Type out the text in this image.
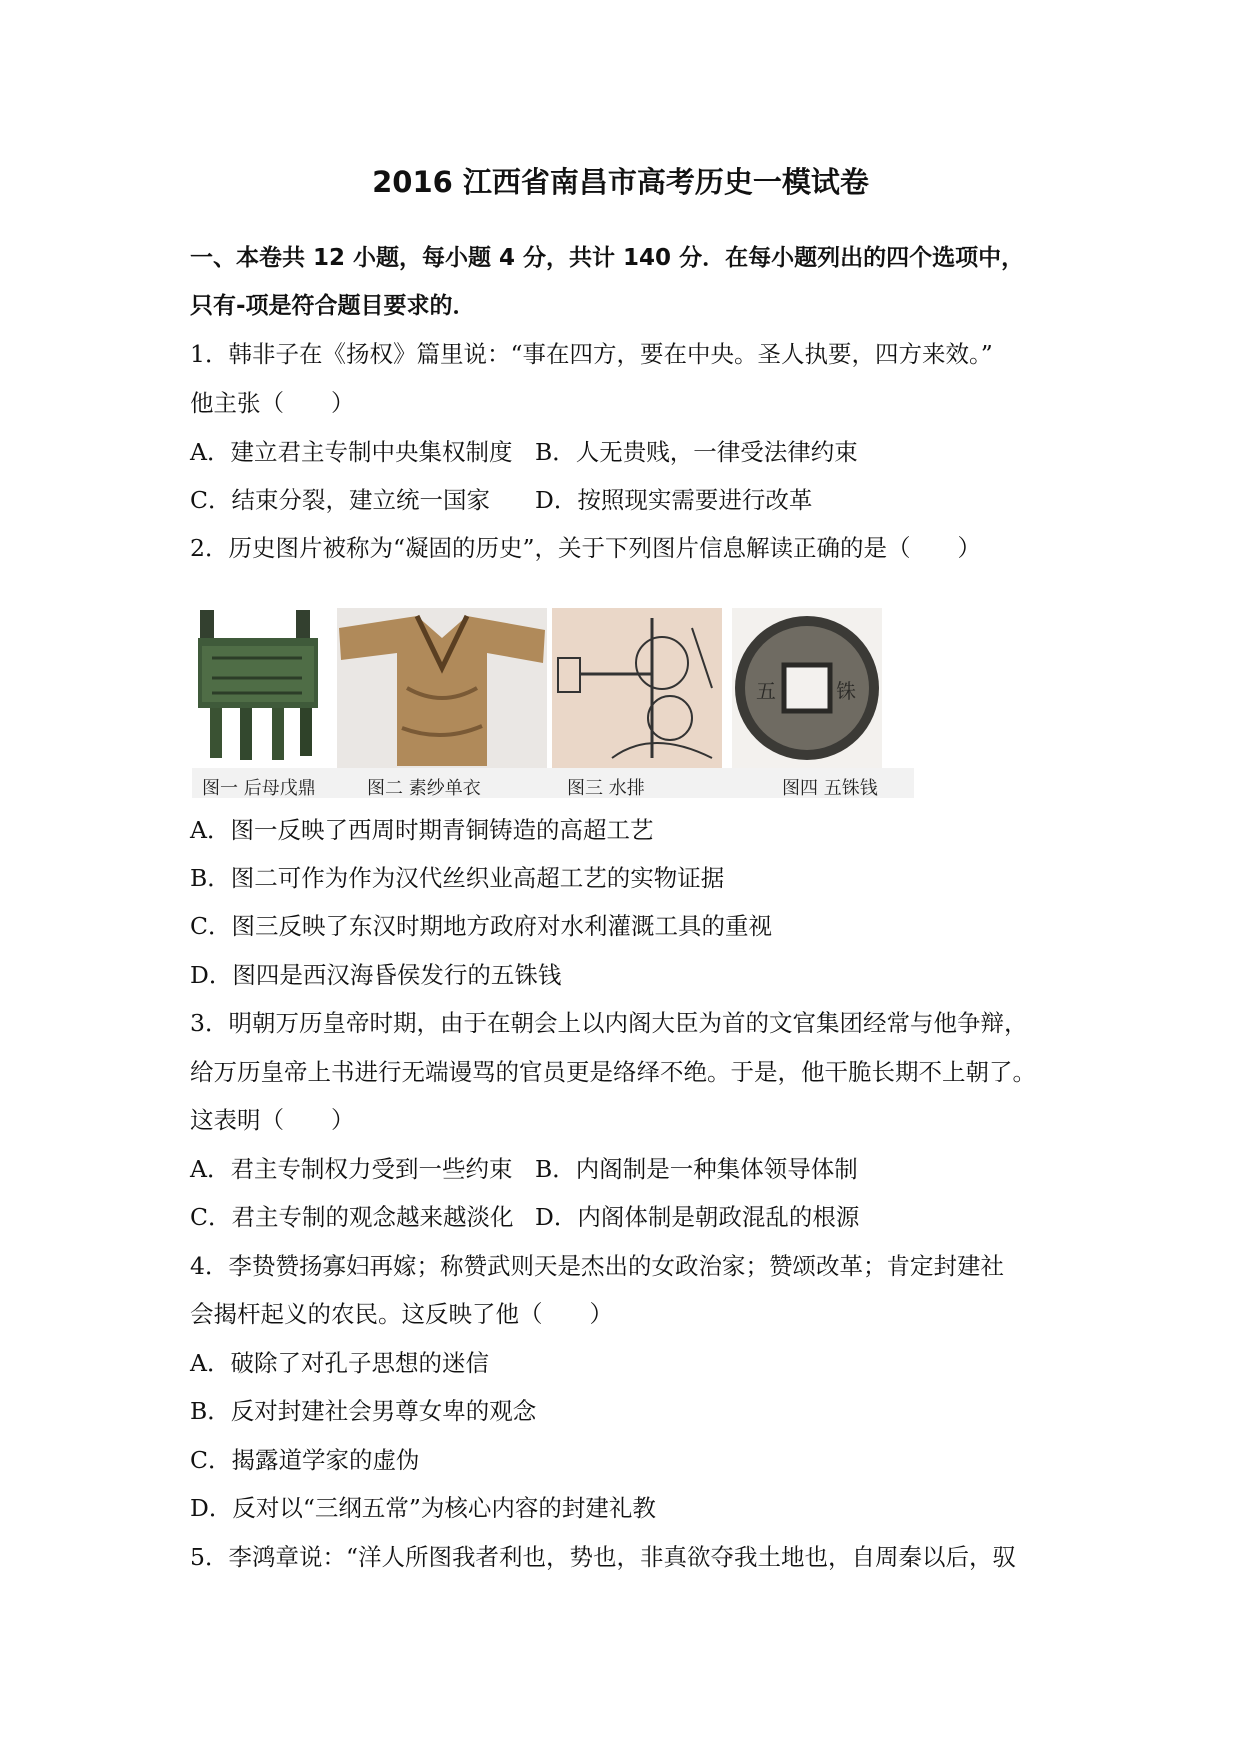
2016 江西省南昌市高考历史一模试卷
一、本卷共 12 小题，每小题 4 分，共计 140 分．在每小题列出的四个选项中，
只有-项是符合题目要求的．
1．韩非子在《扬权》篇里说：“事在四方，要在中央。圣人执要，四方来效。”
他主张（　　）
A．建立君主专制中央集权制度 B．人无贵贱，一律受法律约束
C．结束分裂，建立统一国家 D．按照现实需要进行改革
2．历史图片被称为“凝固的历史”，关于下列图片信息解读正确的是（　　）
五	铢
图一 后母戊鼎	图二 素纱单衣	图三 水排	图四 五铢钱
A．图一反映了西周时期青铜铸造的高超工艺
B．图二可作为作为汉代丝织业高超工艺的实物证据
C．图三反映了东汉时期地方政府对水利灌溉工具的重视
D．图四是西汉海昏侯发行的五铢钱
3．明朝万历皇帝时期，由于在朝会上以内阁大臣为首的文官集团经常与他争辩，
给万历皇帝上书进行无端谩骂的官员更是络绎不绝。于是，他干脆长期不上朝了。
这表明（　　）
A．君主专制权力受到一些约束 B．内阁制是一种集体领导体制
C．君主专制的观念越来越淡化 D．内阁体制是朝政混乱的根源
4．李贽赞扬寡妇再嫁；称赞武则天是杰出的女政治家；赞颂改革；肯定封建社
会揭杆起义的农民。这反映了他（　　）
A．破除了对孔子思想的迷信
B．反对封建社会男尊女卑的观念
C．揭露道学家的虚伪
D．反对以“三纲五常”为核心内容的封建礼教
5．李鸿章说：“洋人所图我者利也，势也，非真欲夺我土地也，自周秦以后，驭
